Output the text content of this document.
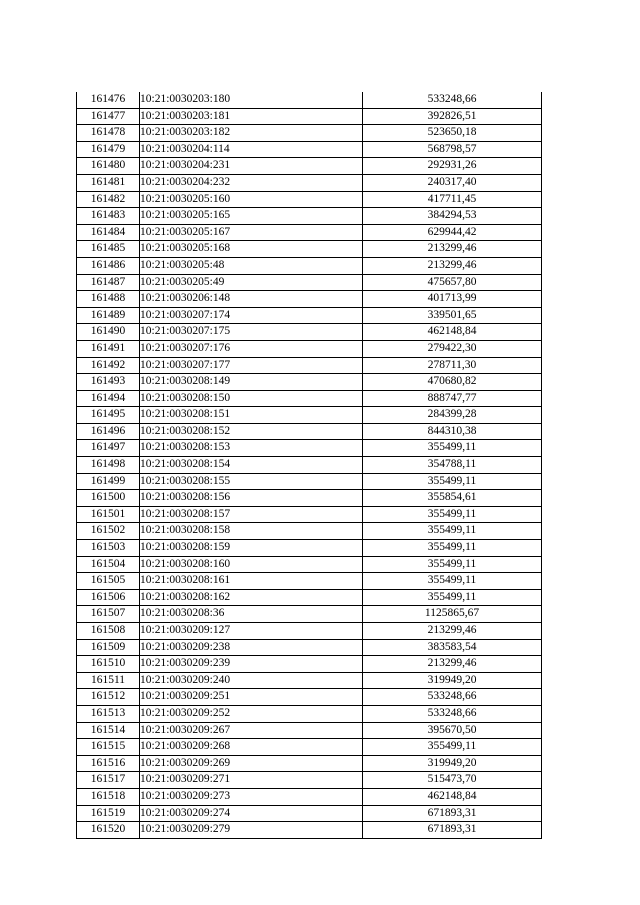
161476	10:21:0030203:180	533248,66
161477	10:21:0030203:181	392826,51
161478	10:21:0030203:182	523650,18
161479	10:21:0030204:114	568798,57
161480	10:21:0030204:231	292931,26
161481	10:21:0030204:232	240317,40
161482	10:21:0030205:160	417711,45
161483	10:21:0030205:165	384294,53
161484	10:21:0030205:167	629944,42
161485	10:21:0030205:168	213299,46
161486	10:21:0030205:48	213299,46
161487	10:21:0030205:49	475657,80
161488	10:21:0030206:148	401713,99
161489	10:21:0030207:174	339501,65
161490	10:21:0030207:175	462148,84
161491	10:21:0030207:176	279422,30
161492	10:21:0030207:177	278711,30
161493	10:21:0030208:149	470680,82
161494	10:21:0030208:150	888747,77
161495	10:21:0030208:151	284399,28
161496	10:21:0030208:152	844310,38
161497	10:21:0030208:153	355499,11
161498	10:21:0030208:154	354788,11
161499	10:21:0030208:155	355499,11
161500	10:21:0030208:156	355854,61
161501	10:21:0030208:157	355499,11
161502	10:21:0030208:158	355499,11
161503	10:21:0030208:159	355499,11
161504	10:21:0030208:160	355499,11
161505	10:21:0030208:161	355499,11
161506	10:21:0030208:162	355499,11
161507	10:21:0030208:36	1125865,67
161508	10:21:0030209:127	213299,46
161509	10:21:0030209:238	383583,54
161510	10:21:0030209:239	213299,46
161511	10:21:0030209:240	319949,20
161512	10:21:0030209:251	533248,66
161513	10:21:0030209:252	533248,66
161514	10:21:0030209:267	395670,50
161515	10:21:0030209:268	355499,11
161516	10:21:0030209:269	319949,20
161517	10:21:0030209:271	515473,70
161518	10:21:0030209:273	462148,84
161519	10:21:0030209:274	671893,31
161520	10:21:0030209:279	671893,31
